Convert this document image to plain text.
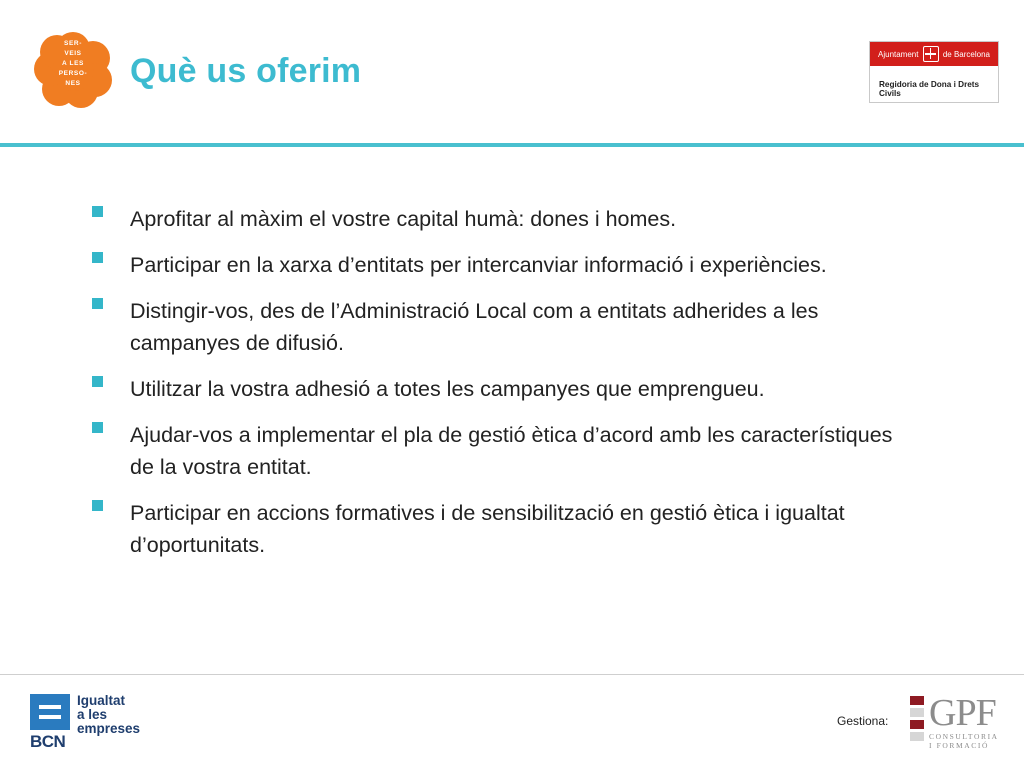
SER-
VEIS
A LES
PERSO-
NES	Què us oferim	Ajuntament	de Barcelona
Regidoria de Dona i Drets Civils
Aprofitar al màxim el vostre capital humà: dones i homes.
Participar en la xarxa d’entitats per intercanviar informació i experiències.
Distingir-vos, des de l’Administració Local com a entitats adherides a les campanyes de difusió.
Utilitzar la vostra adhesió a totes les campanyes que emprengueu.
Ajudar-vos a implementar el pla de gestió ètica d’acord amb les característiques de la vostra entitat.
Participar en accions formatives i de sensibilització en gestió ètica i igualtat d’oportunitats.
BCN
Igualtat
a les
empreses	Gestiona: GPF
CONSULTORIA
I FORMACIÓ
